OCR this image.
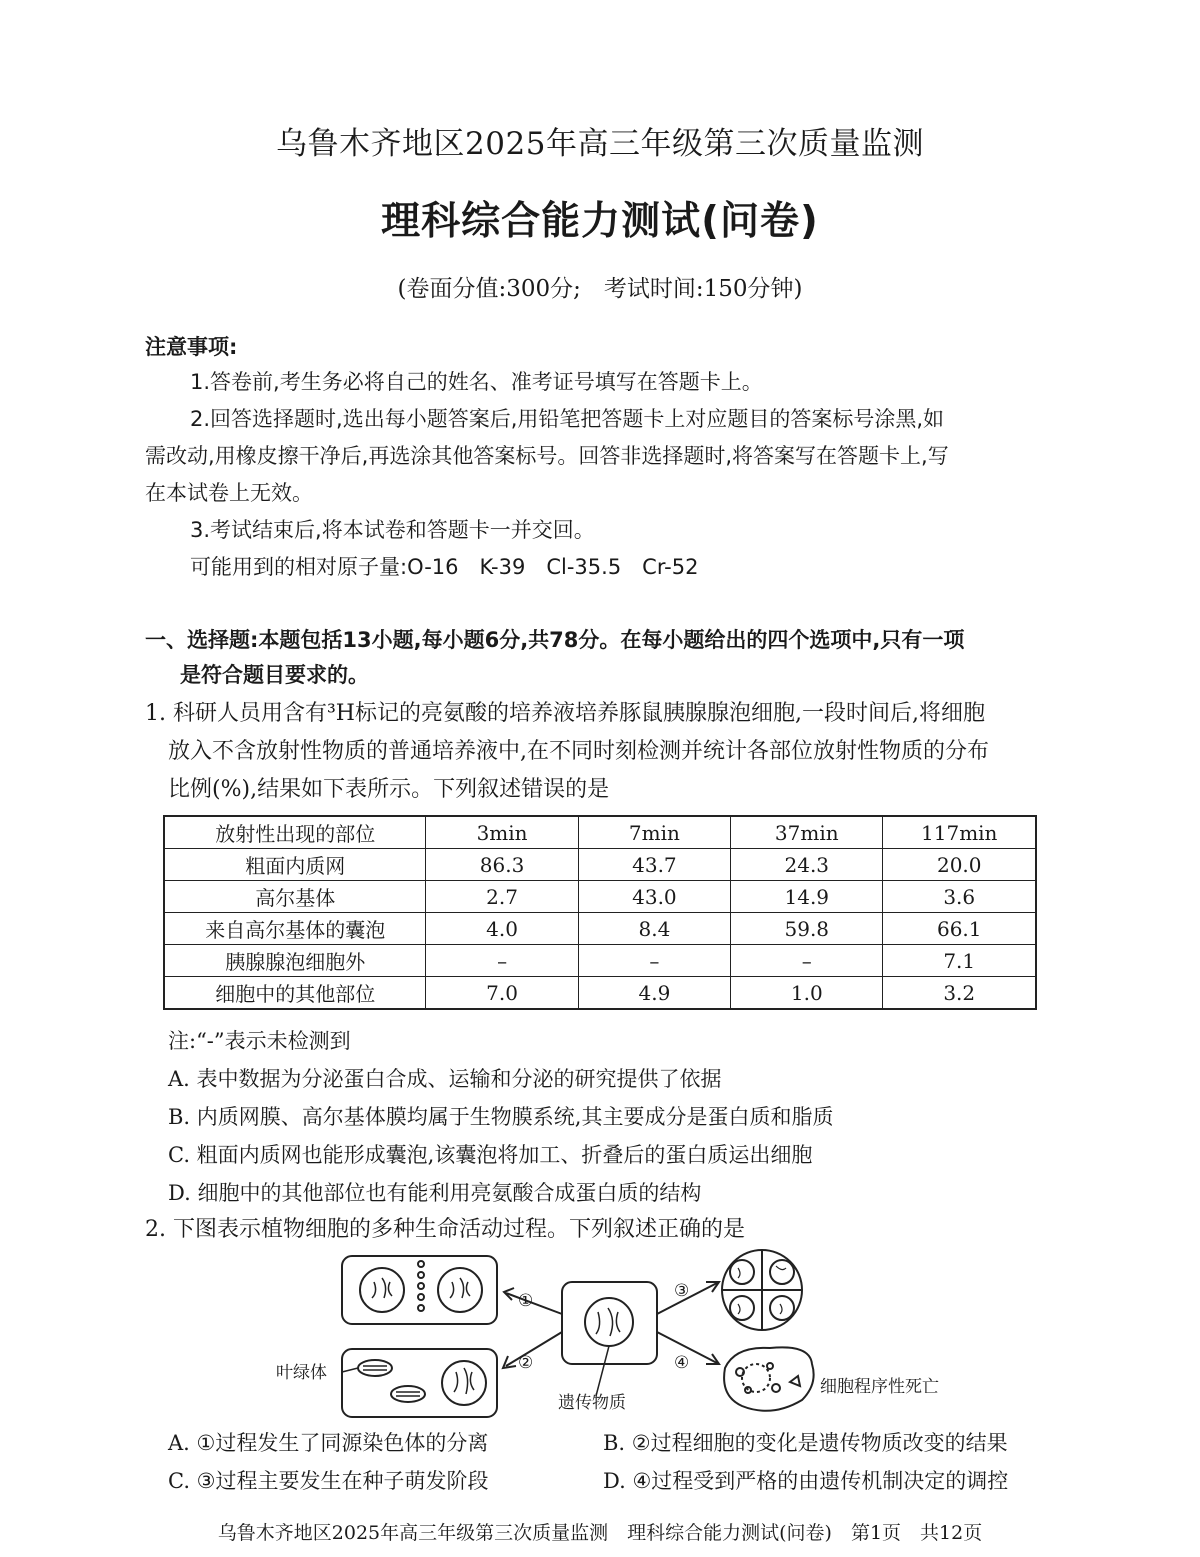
乌鲁木齐地区2025年高三年级第三次质量监测
理科综合能力测试(问卷)
(卷面分值:300分;　考试时间:150分钟)
注意事项:
1.答卷前,考生务必将自己的姓名、准考证号填写在答题卡上。
2.回答选择题时,选出每小题答案后,用铅笔把答题卡上对应题目的答案标号涂黑,如
需改动,用橡皮擦干净后,再选涂其他答案标号。回答非选择题时,将答案写在答题卡上,写
在本试卷上无效。
3.考试结束后,将本试卷和答题卡一并交回。
可能用到的相对原子量:O-16　K-39　Cl-35.5　Cr-52
一、选择题:本题包括13小题,每小题6分,共78分。在每小题给出的四个选项中,只有一项
是符合题目要求的。
1. 科研人员用含有³H标记的亮氨酸的培养液培养豚鼠胰腺腺泡细胞,一段时间后,将细胞
放入不含放射性物质的普通培养液中,在不同时刻检测并统计各部位放射性物质的分布
比例(%),结果如下表所示。下列叙述错误的是
放射性出现的部位	3min	7min	37min	117min
粗面内质网	86.3	43.7	24.3	20.0
高尔基体	2.7	43.0	14.9	3.6
来自高尔基体的囊泡	4.0	8.4	59.8	66.1
胰腺腺泡细胞外	–	–	–	7.1
细胞中的其他部位	7.0	4.9	1.0	3.2
注:“-”表示未检测到
A. 表中数据为分泌蛋白合成、运输和分泌的研究提供了依据
B. 内质网膜、高尔基体膜均属于生物膜系统,其主要成分是蛋白质和脂质
C. 粗面内质网也能形成囊泡,该囊泡将加工、折叠后的蛋白质运出细胞
D. 细胞中的其他部位也有能利用亮氨酸合成蛋白质的结构
2. 下图表示植物细胞的多种生命活动过程。下列叙述正确的是
①
②
③
④
叶绿体
遗传物质
细胞程序性死亡
A. ①过程发生了同源染色体的分离	B. ②过程细胞的变化是遗传物质改变的结果
C. ③过程主要发生在种子萌发阶段	D. ④过程受到严格的由遗传机制决定的调控
乌鲁木齐地区2025年高三年级第三次质量监测　理科综合能力测试(问卷)　第1页　共12页
